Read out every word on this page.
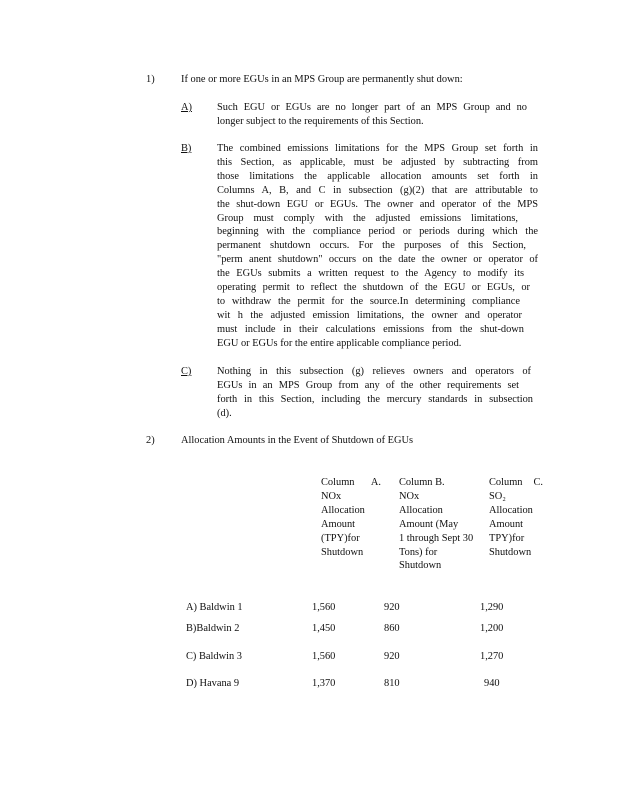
1)	If one or more EGUs in an MPS Group are permanently shut down:
A) Such EGU or EGUs are no longer part of an MPS Group and no
longer subject to the requirements of this Section.
B) The combined emissions limitations for the MPS Group set forth in
this Section, as applicable, must be adjusted by subtracting from
those limitations the applicable allocation amounts set forth in
Columns A, B, and C in subsection (g)(2) that are attributable to
the shut-down EGU or EGUs. The owner and operator of the MPS
Group must comply with the adjusted emissions limitations,
beginning with the compliance period or periods during which the
permanent shutdown occurs. For the purposes of this Section,
"perm anent shutdown" occurs on the date the owner or operator of
the EGUs submits a written request to the Agency to modify its
operating permit to reflect the shutdown of the EGU or EGUs, or
to withdraw the permit for the source.In determining compliance
wit h the adjusted emission limitations, the owner and operator
must include in their calculations emissions from the shut-down
EGU or EGUs for the entire applicable compliance period.
C) Nothing in this subsection (g) relieves owners and operators of
EGUs in an MPS Group from any of the other requirements set
forth in this Section, including the mercury standards in subsection
(d).
2)	Allocation Amounts in the Event of Shutdown of EGUs
Column A.
NOx
Allocation
Amount
(TPY)for
Shutdown
Column B.
NOx
Allocation
Amount (May
1 through Sept 30
Tons) for
Shutdown
Column C.
SO₂
Allocation
Amount
TPY)for
Shutdown
A) Baldwin 1	1,560	920	1,290
B)Baldwin 2	1,450	860	1,200
C) Baldwin 3	1,560	920	1,270
D) Havana 9	1,370	810	940
